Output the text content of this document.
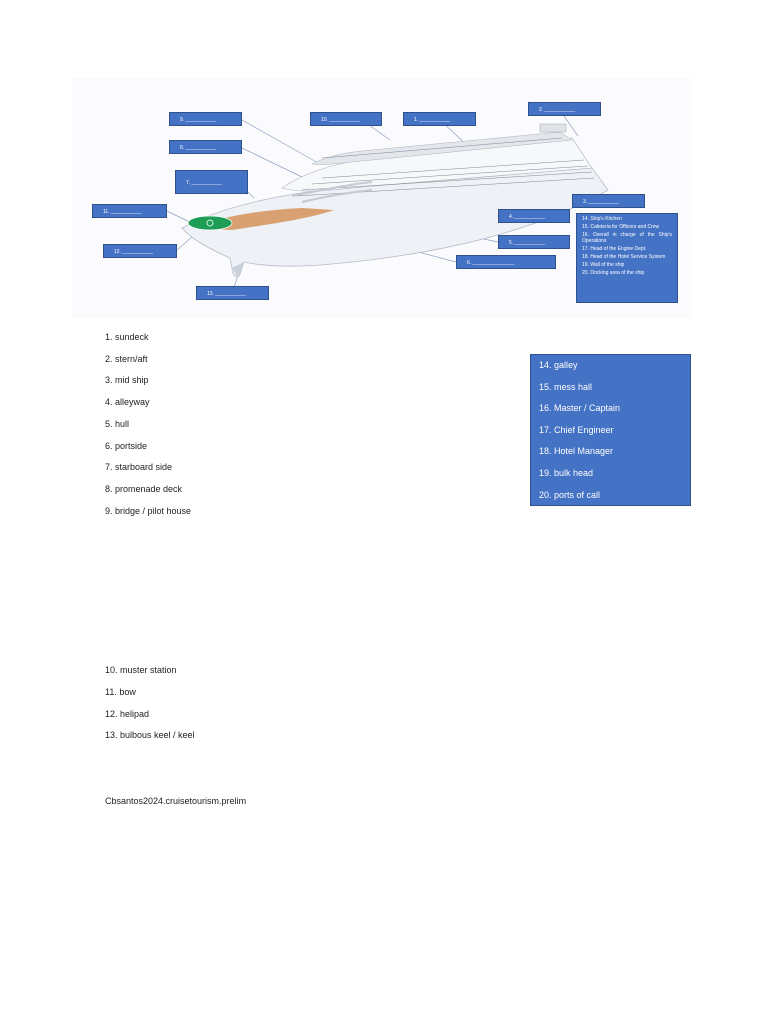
9. ___________	10. ___________	1. ___________
2. ___________
8. ___________
7. ___________
11. ___________
12. ___________
13. ___________
3. ___________
4. ___________
5. ___________
6. _______________
14. Ship's Kitchen
15. Cafeteria for Officers and Crew
16. Overall in charge of the Ship's Operations
17. Head of the Engine Dept.
18. Head of the Hotel Service System
19. Wall of the ship
20. Docking area of the ship
1. sundeck
2. stern/aft
3. mid ship
4. alleyway
5. hull
6. portside
7. starboard side
8. promenade deck
9. bridge / pilot house
14. galley
15. mess hall
16. Master / Captain
17. Chief Engineer
18. Hotel Manager
19. bulk head
20. ports of call
10. muster station
11. bow
12. helipad
13. bulbous keel / keel
Cbsantos2024.cruisetourism.prelim
